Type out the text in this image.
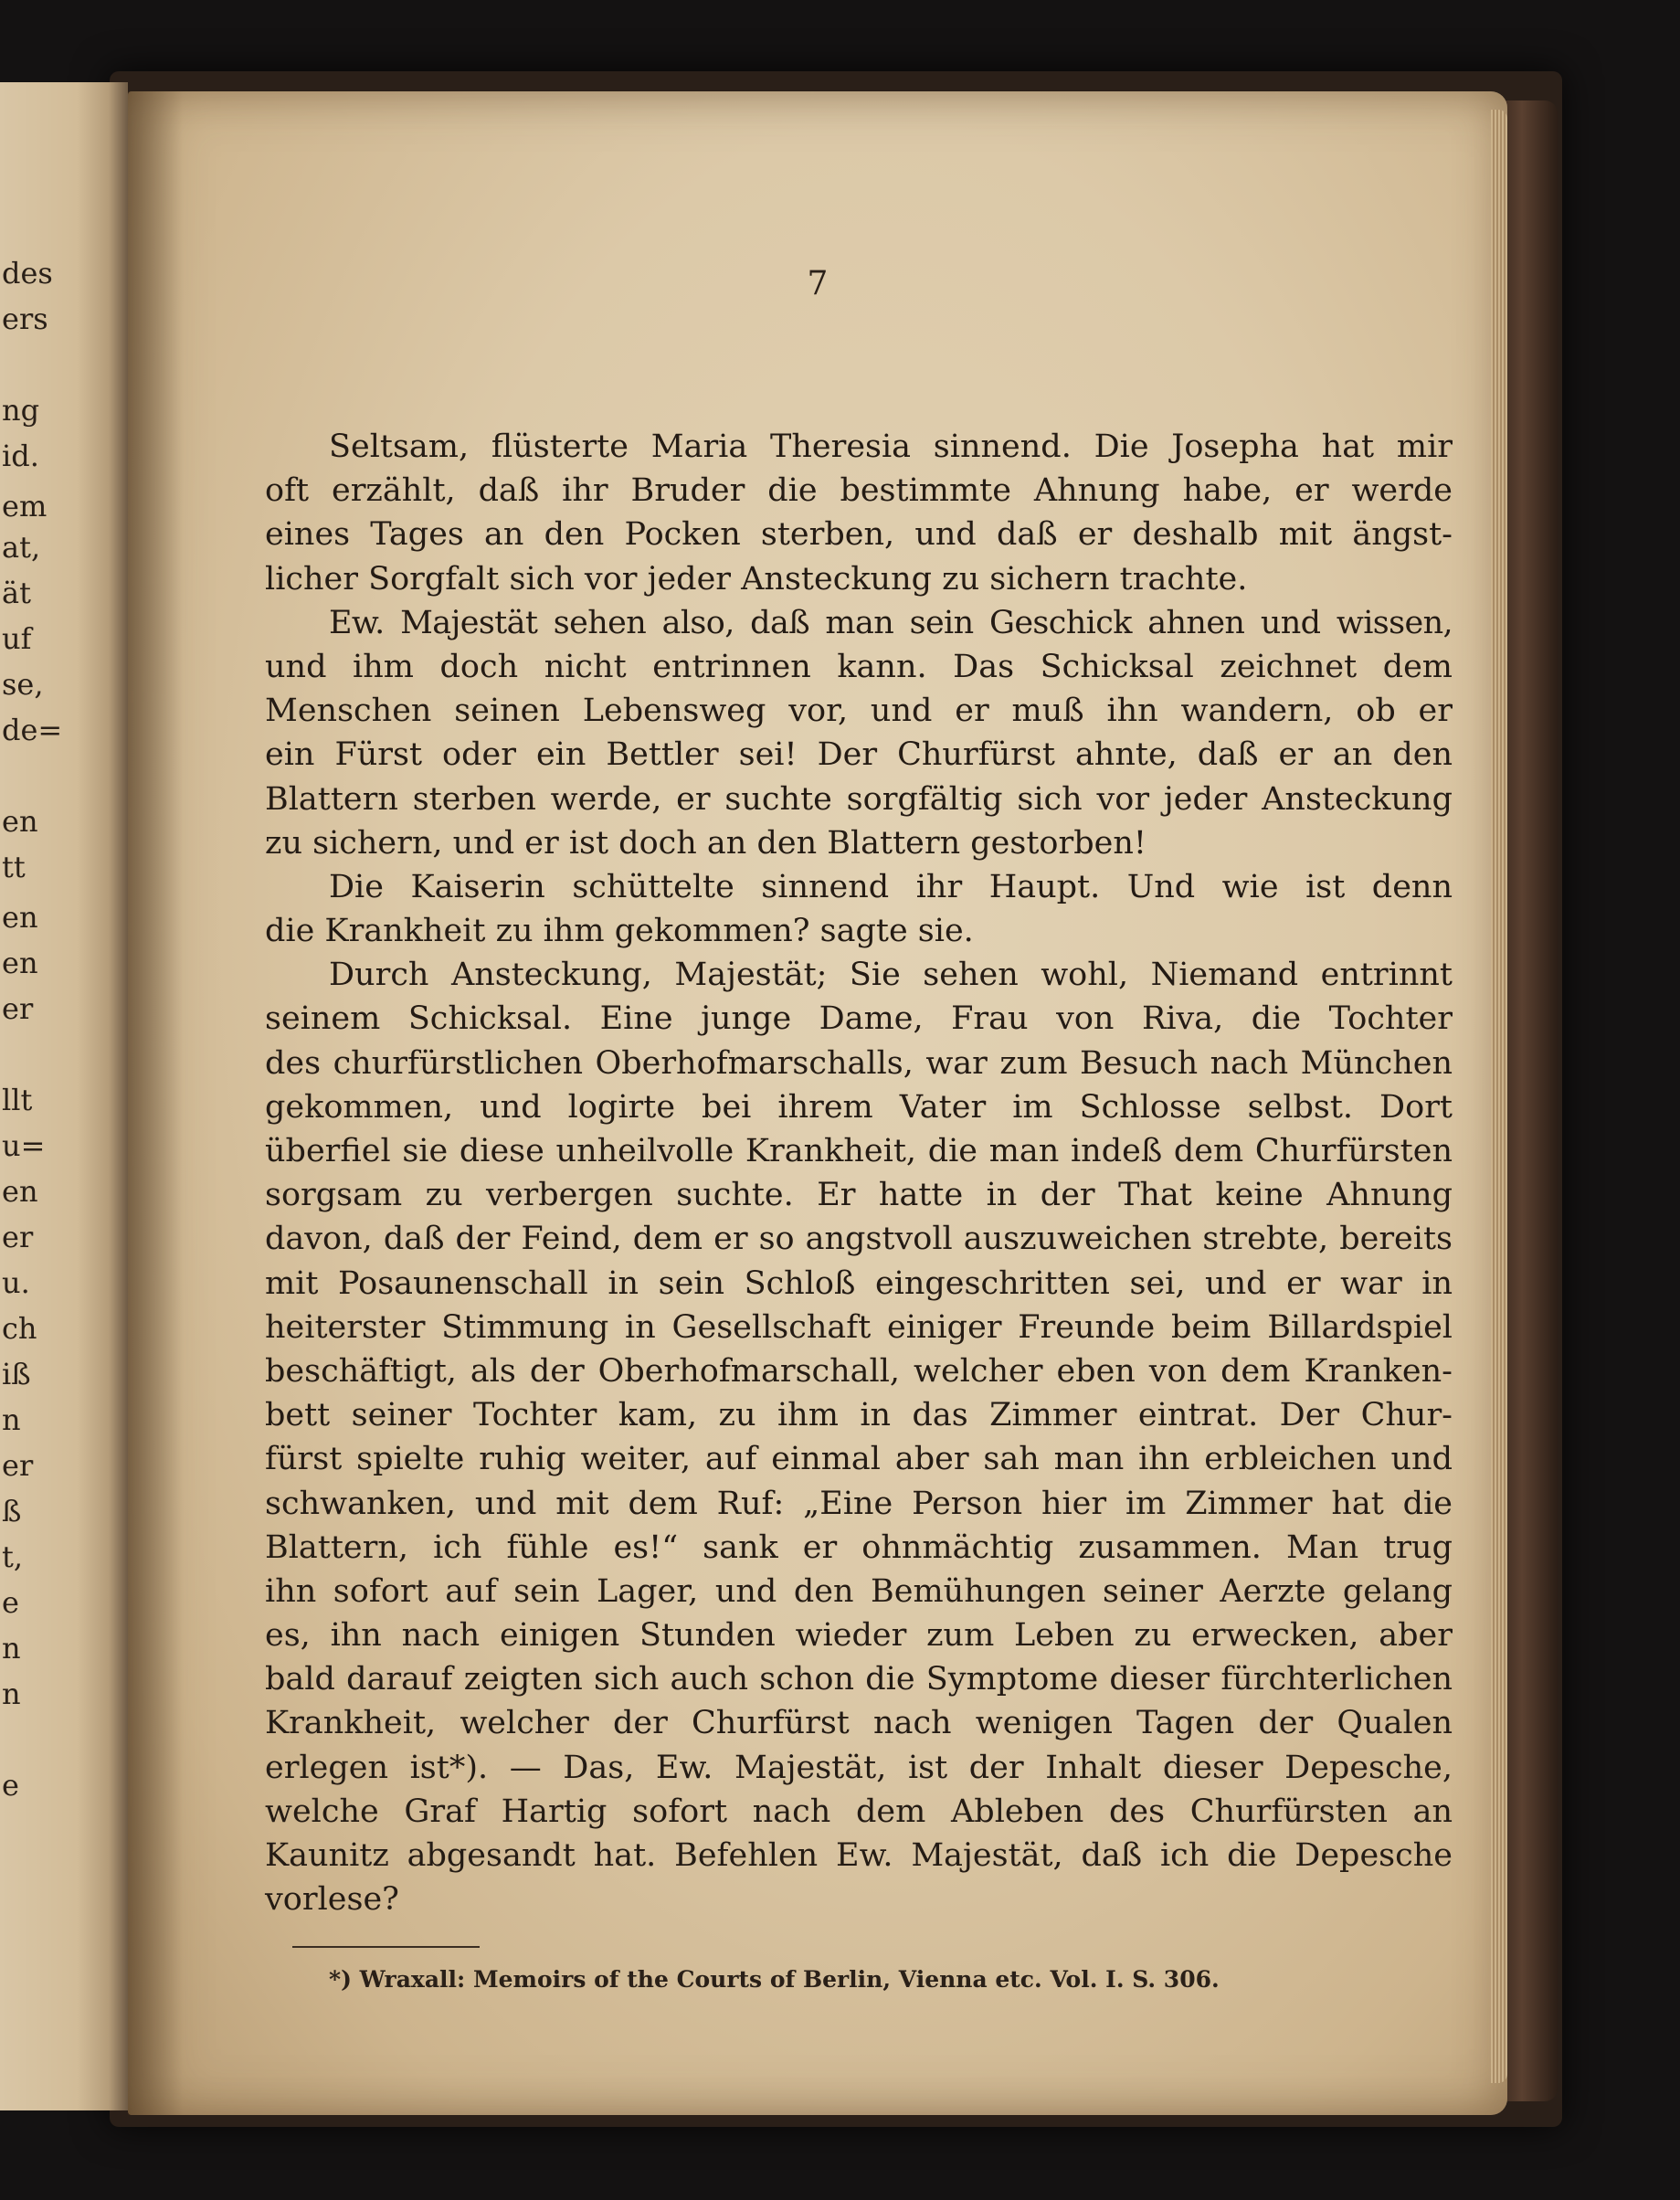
des
ers
ng
id.
em
at,
ät
uf
se,
de=
en
tt
en
en
er
llt
u=
en
er
u.
ch
iß
n
er
ß
t,
e
n
n
e
7
Seltsam, flüsterte Maria Theresia sinnend. Die Josepha hat mir
oft erzählt, daß ihr Bruder die bestimmte Ahnung habe, er werde
eines Tages an den Pocken sterben, und daß er deshalb mit ängst-
licher Sorgfalt sich vor jeder Ansteckung zu sichern trachte.
Ew. Majestät sehen also, daß man sein Geschick ahnen und wissen,
und ihm doch nicht entrinnen kann. Das Schicksal zeichnet dem
Menschen seinen Lebensweg vor, und er muß ihn wandern, ob er
ein Fürst oder ein Bettler sei! Der Churfürst ahnte, daß er an den
Blattern sterben werde, er suchte sorgfältig sich vor jeder Ansteckung
zu sichern, und er ist doch an den Blattern gestorben!
Die Kaiserin schüttelte sinnend ihr Haupt. Und wie ist denn
die Krankheit zu ihm gekommen? sagte sie.
Durch Ansteckung, Majestät; Sie sehen wohl, Niemand entrinnt
seinem Schicksal. Eine junge Dame, Frau von Riva, die Tochter
des churfürstlichen Oberhofmarschalls, war zum Besuch nach München
gekommen, und logirte bei ihrem Vater im Schlosse selbst. Dort
überfiel sie diese unheilvolle Krankheit, die man indeß dem Churfürsten
sorgsam zu verbergen suchte. Er hatte in der That keine Ahnung
davon, daß der Feind, dem er so angstvoll auszuweichen strebte, bereits
mit Posaunenschall in sein Schloß eingeschritten sei, und er war in
heiterster Stimmung in Gesellschaft einiger Freunde beim Billardspiel
beschäftigt, als der Oberhofmarschall, welcher eben von dem Kranken-
bett seiner Tochter kam, zu ihm in das Zimmer eintrat. Der Chur-
fürst spielte ruhig weiter, auf einmal aber sah man ihn erbleichen und
schwanken, und mit dem Ruf: „Eine Person hier im Zimmer hat die
Blattern, ich fühle es!“ sank er ohnmächtig zusammen. Man trug
ihn sofort auf sein Lager, und den Bemühungen seiner Aerzte gelang
es, ihn nach einigen Stunden wieder zum Leben zu erwecken, aber
bald darauf zeigten sich auch schon die Symptome dieser fürchterlichen
Krankheit, welcher der Churfürst nach wenigen Tagen der Qualen
erlegen ist*). — Das, Ew. Majestät, ist der Inhalt dieser Depesche,
welche Graf Hartig sofort nach dem Ableben des Churfürsten an
Kaunitz abgesandt hat. Befehlen Ew. Majestät, daß ich die Depesche
vorlese?
*) Wraxall: Memoirs of the Courts of Berlin, Vienna etc. Vol. I. S. 306.
